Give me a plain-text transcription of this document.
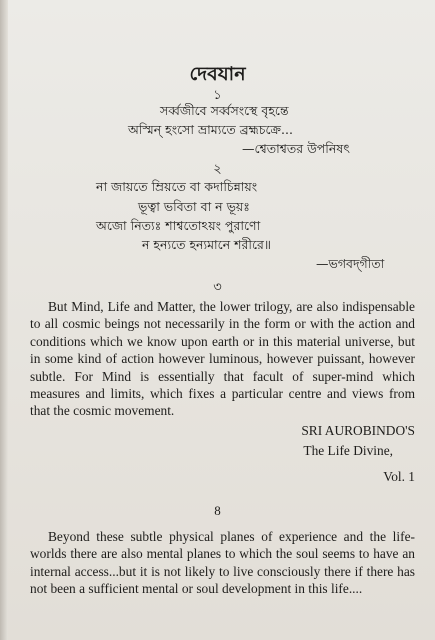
দেবযান
১
সর্ব্বজীবে সর্ব্বসংস্থে বৃহন্তে
অস্মিন্ হংসো ভ্রাম্যতে ব্রহ্মচক্রে...
—শ্বেতাশ্বতর উপনিষৎ
২
না জায়তে ম্রিয়তে বা কদাচিন্নায়ং
ভূত্বা ভবিতা বা ন ভূয়ঃ
অজো নিত্যঃ শাশ্বতোঽয়ং পুরাণো
ন হন্যতে হন্যমানে শরীরে॥
—ভগবদ্‌গীতা
৩

But Mind, Life and Matter, the lower trilogy, are also indispensable to all cosmic beings not necessarily in the form or with the action and conditions which we know upon earth or in this material universe, but in some kind of action however luminous, however puissant, however subtle. For Mind is essentially that facult of super-mind which measures and limits, which fixes a particular centre and views from that the cosmic movement.

SRI AUROBINDO'S
The Life Divine,
Vol. 1
8

Beyond these subtle physical planes of experience and the life-worlds there are also mental planes to which the soul seems to have an internal access...but it is not likely to live consciously there if there has not been a sufficient mental or soul development in this life....
